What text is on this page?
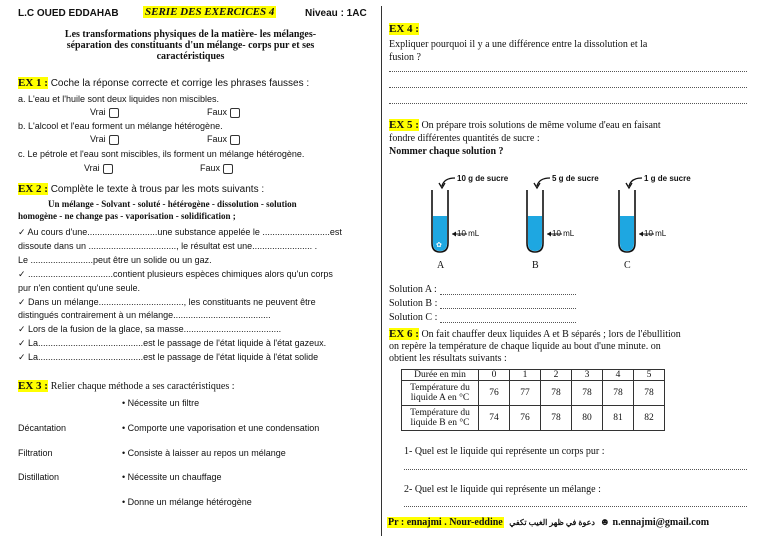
L.C OUED EDDAHAB SERIE DES EXERCICES 4	Niveau : 1AC
Les transformations physiques de la matière- les mélanges-
séparation des constituants d'un mélange- corps pur et ses
caractéristiques
EX 1 : Coche la réponse correcte et corrige les phrases fausses :
a. L'eau et l'huile sont deux liquides non miscibles.
Vrai	Faux
b. L'alcool et l'eau forment un mélange hétérogène.
Vrai	Faux
c. Le pétrole et l'eau sont miscibles, ils forment un mélange hétérogène.
Vrai	Faux
EX 2 : Complète le texte à trous par les mots suivants :
Un mélange - Solvant - soluté - hétérogène - dissolution - solution
homogène - ne change pas - vaporisation - solidification ;
✓ Au cours d'une............................une substance appelée le ...........................est
dissoute dans un ..................................., le résultat est une........................ .
Le .........................peut être un solide ou un gaz.
✓ ..................................contient plusieurs espèces chimiques alors qu'un corps
pur n'en contient qu'une seule.
✓ Dans un mélange.................................., les constituants ne peuvent être
distingués contrairement à un mélange.......................................
✓ Lors de la fusion de la glace, sa masse.......................................
✓ La..........................................est le passage de l'état liquide à l'état gazeux.
✓ La..........................................est le passage de l'état liquide à l'état solide
EX 3 : Relier chaque méthode a ses caractéristiques :
• Nécessite un filtre
Décantation	• Comporte une vaporisation et une condensation
Filtration	• Consiste à laisser au repos un mélange
Distillation	• Nécessite un chauffage
• Donne un mélange hétérogène
EX 4 :
Expliquer pourquoi il y a une différence entre la dissolution et la
fusion ?
EX 5 : On prépare trois solutions de même volume d'eau en faisant
fondre différentes quantités de sucre :
Nommer chaque solution ?
✿
10 g de sucre
10 mL
A
5 g de sucre
10 mL
B
1 g de sucre
10 mL
C
Solution A :
Solution B :
Solution C :
EX 6 : On fait chauffer deux liquides A et B séparés ; lors de l'ébullition
on repère la température de chaque liquide au bout d'une minute. on
obtient les résultats suivants :
Durée en min	0	1	2	3	4	5
Température du liquide A en °C	76	77	78	78	78	78
Température du liquide B en °C	74	76	78	80	81	82
1- Quel est le liquide qui représente un corps pur :
2- Quel est le liquide qui représente un mélange :
Pr : ennajmi . Nour-eddine دعوة في ظهر الغيب تكفي ☻ n.ennajmi@gmail.com
